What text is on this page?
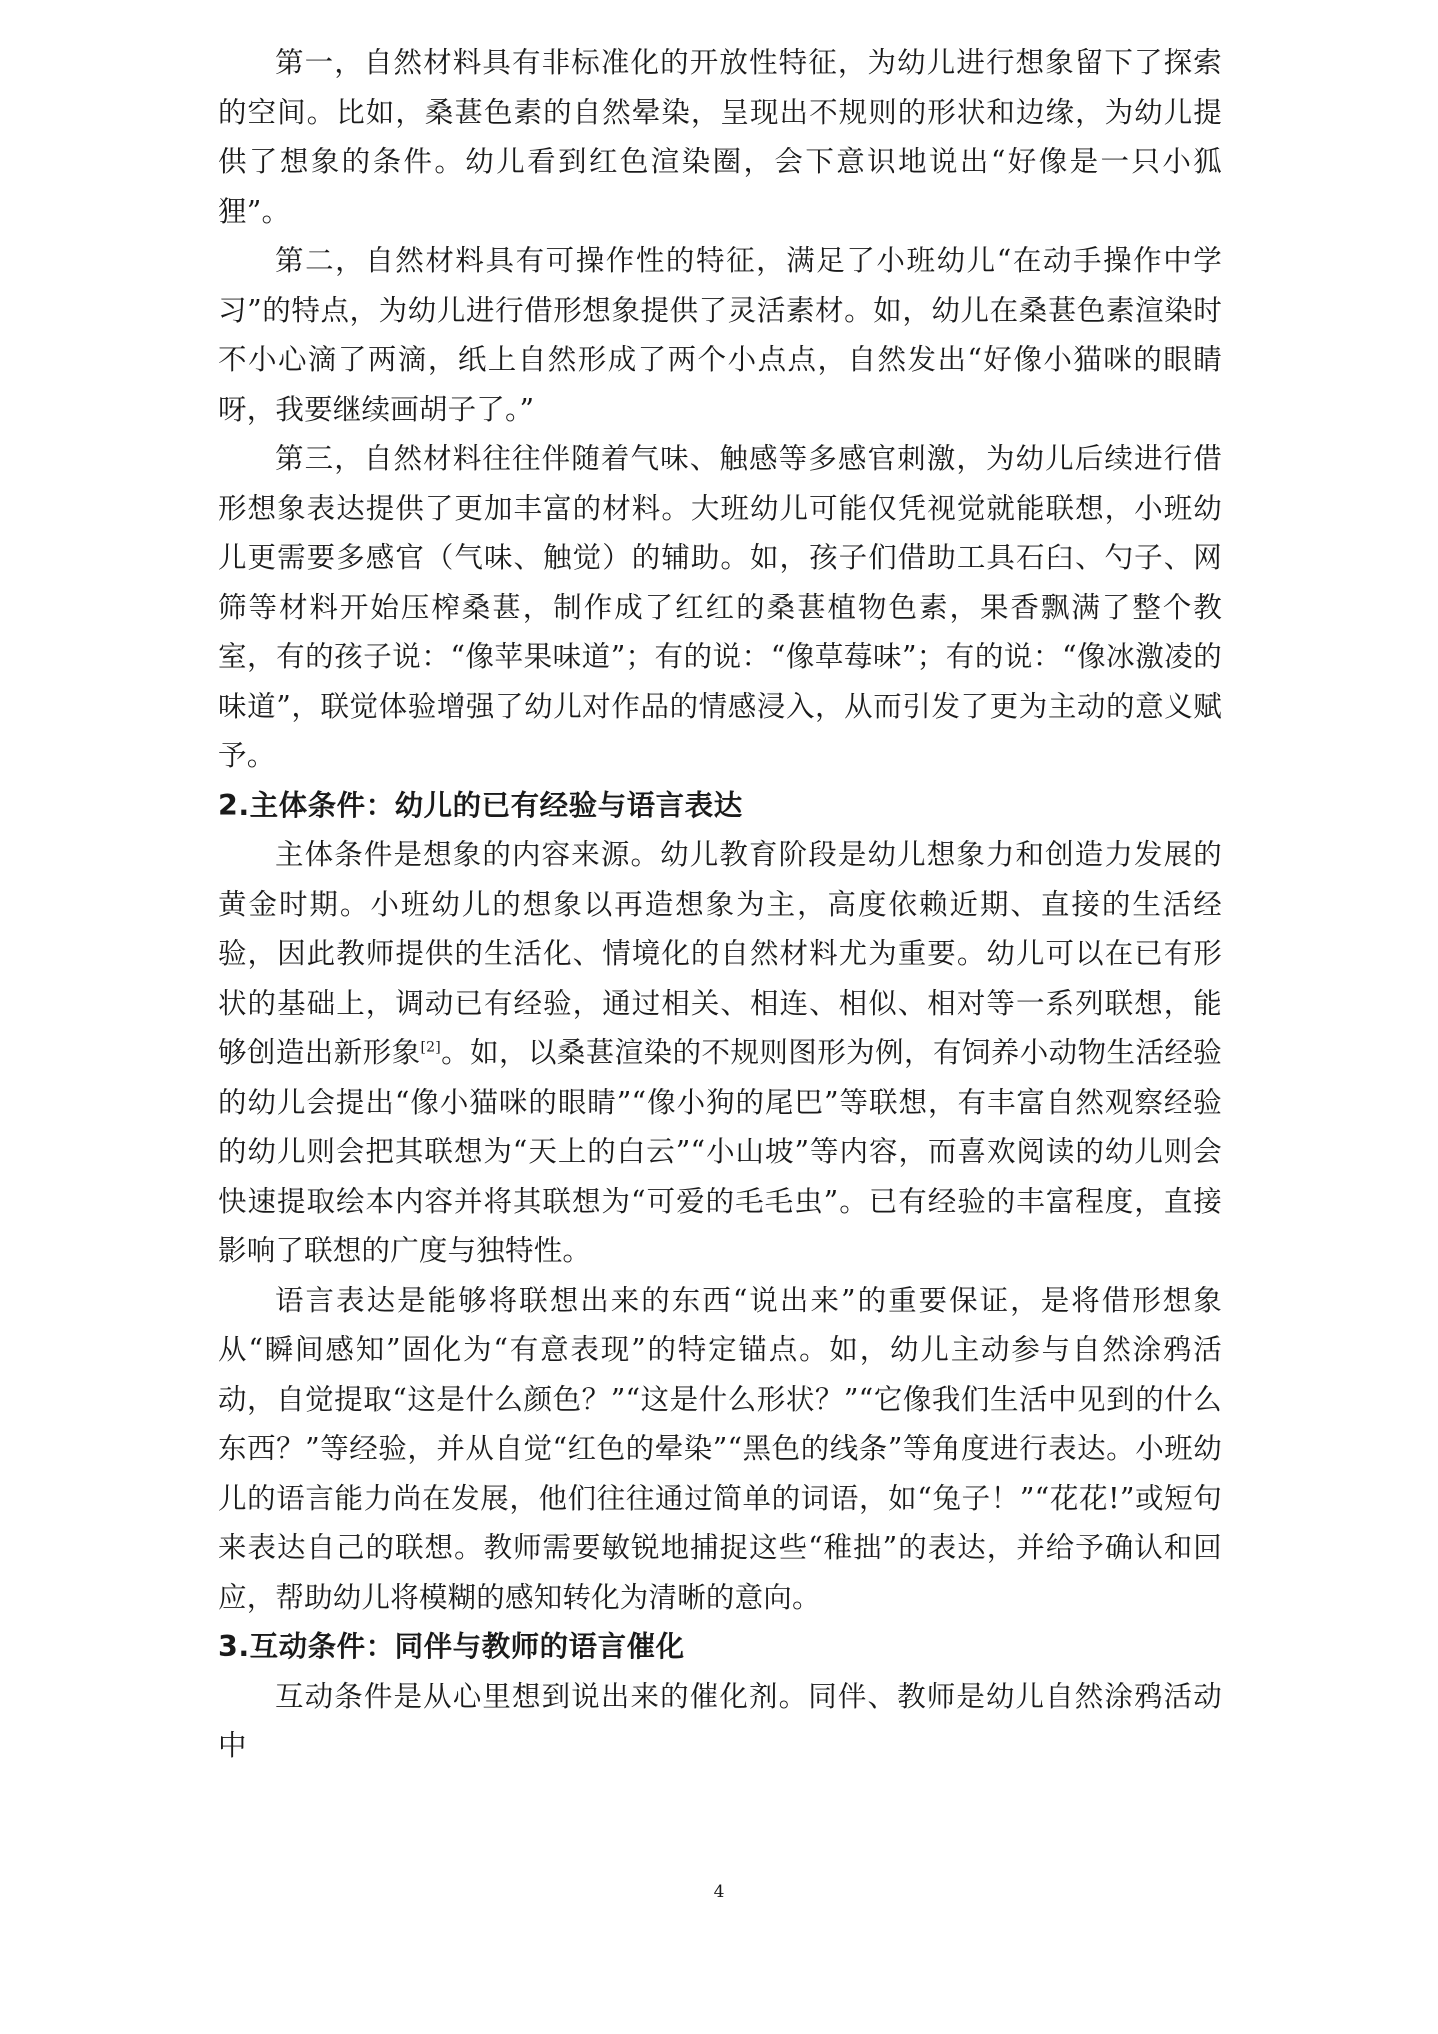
第一，自然材料具有非标准化的开放性特征，为幼儿进行想象留下了探索的空间。比如，桑葚色素的自然晕染，呈现出不规则的形状和边缘，为幼儿提供了想象的条件。幼儿看到红色渲染圈，会下意识地说出“好像是一只小狐狸”。

第二，自然材料具有可操作性的特征，满足了小班幼儿“在动手操作中学习”的特点，为幼儿进行借形想象提供了灵活素材。如，幼儿在桑葚色素渲染时不小心滴了两滴，纸上自然形成了两个小点点，自然发出“好像小猫咪的眼睛呀，我要继续画胡子了。”

第三，自然材料往往伴随着气味、触感等多感官刺激，为幼儿后续进行借形想象表达提供了更加丰富的材料。大班幼儿可能仅凭视觉就能联想，小班幼儿更需要多感官（气味、触觉）的辅助。如，孩子们借助工具石臼、勺子、网筛等材料开始压榨桑葚，制作成了红红的桑葚植物色素，果香飘满了整个教室，有的孩子说：“像苹果味道”；有的说：“像草莓味”；有的说：“像冰激凌的味道”，联觉体验增强了幼儿对作品的情感浸入，从而引发了更为主动的意义赋予。

2.主体条件：幼儿的已有经验与语言表达

主体条件是想象的内容来源。幼儿教育阶段是幼儿想象力和创造力发展的黄金时期。小班幼儿的想象以再造想象为主，高度依赖近期、直接的生活经验，因此教师提供的生活化、情境化的自然材料尤为重要。幼儿可以在已有形状的基础上，调动已有经验，通过相关、相连、相似、相对等一系列联想，能够创造出新形象[2]。如，以桑葚渲染的不规则图形为例，有饲养小动物生活经验的幼儿会提出“像小猫咪的眼睛”“像小狗的尾巴”等联想，有丰富自然观察经验的幼儿则会把其联想为“天上的白云”“小山坡”等内容，而喜欢阅读的幼儿则会快速提取绘本内容并将其联想为“可爱的毛毛虫”。已有经验的丰富程度，直接影响了联想的广度与独特性。

语言表达是能够将联想出来的东西“说出来”的重要保证，是将借形想象从“瞬间感知”固化为“有意表现”的特定锚点。如，幼儿主动参与自然涂鸦活动，自觉提取“这是什么颜色？”“这是什么形状？”“它像我们生活中见到的什么东西？”等经验，并从自觉“红色的晕染”“黑色的线条”等角度进行表达。小班幼儿的语言能力尚在发展，他们往往通过简单的词语，如“兔子！”“花花!”或短句来表达自己的联想。教师需要敏锐地捕捉这些“稚拙”的表达，并给予确认和回应，帮助幼儿将模糊的感知转化为清晰的意向。

3.互动条件：同伴与教师的语言催化

互动条件是从心里想到说出来的催化剂。同伴、教师是幼儿自然涂鸦活动中

4
